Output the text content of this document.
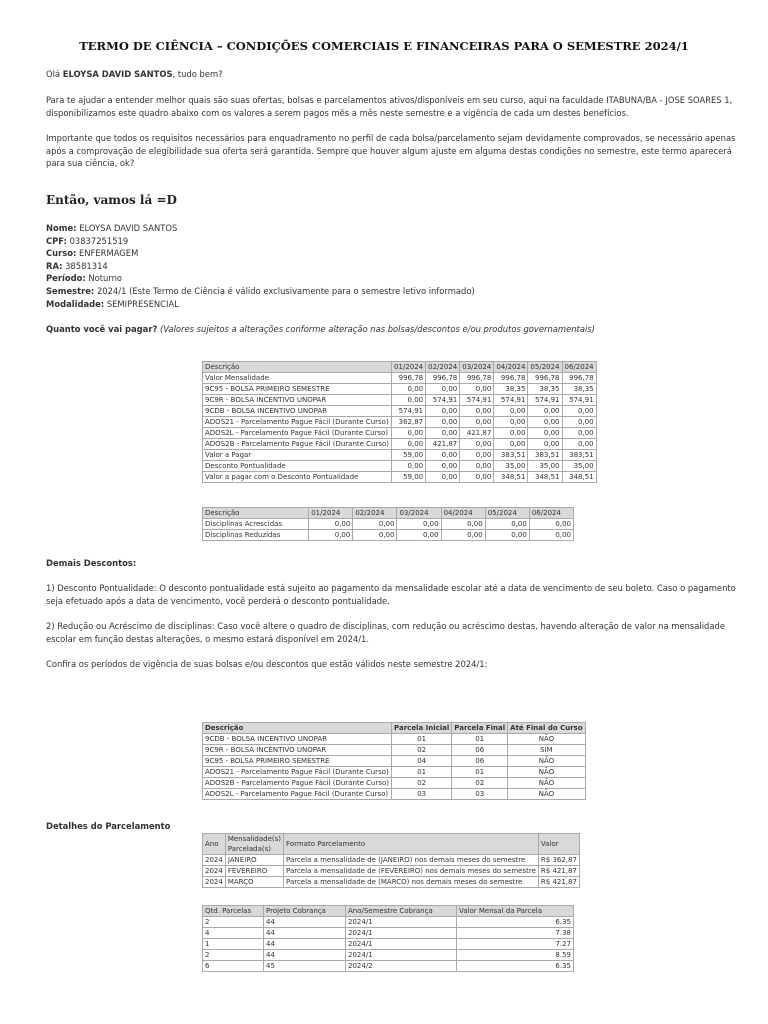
TERMO DE CIÊNCIA – CONDIÇÕES COMERCIAIS E FINANCEIRAS PARA O SEMESTRE 2024/1
Olá ELOYSA DAVID SANTOS, tudo bem?
Para te ajudar a entender melhor quais são suas ofertas, bolsas e parcelamentos ativos/disponíveis em seu curso, aqui na faculdade ITABUNA/BA - JOSE SOARES 1, disponibilizamos este quadro abaixo com os valores a serem pagos mês a mês neste semestre e a vigência de cada um destes benefícios.
Importante que todos os requisitos necessários para enquadramento no perfil de cada bolsa/parcelamento sejam devidamente comprovados, se necessário apenas após a comprovação de elegibilidade sua oferta será garantida. Sempre que houver algum ajuste em alguma destas condições no semestre, este termo aparecerá para sua ciência, ok?
Então, vamos lá =D
Nome: ELOYSA DAVID SANTOS
CPF: 03837251519
Curso: ENFERMAGEM
RA: 38581314
Período: Noturno
Semestre: 2024/1 (Este Termo de Ciência é válido exclusivamente para o semestre letivo informado)
Modalidade: SEMIPRESENCIAL
Quanto você vai pagar? (Valores sujeitos a alterações conforme alteração nas bolsas/descontos e/ou produtos governamentais)
Descrição	01/2024	02/2024	03/2024	04/2024	05/2024	06/2024
Valor Mensalidade	996,78	996,78	996,78	996,78	996,78	996,78
9C95 - BOLSA PRIMEIRO SEMESTRE	0,00	0,00	0,00	38,35	38,35	38,35
9C9R - BOLSA INCENTIVO UNOPAR	0,00	574,91	574,91	574,91	574,91	574,91
9CDB - BOLSA INCENTIVO UNOPAR	574,91	0,00	0,00	0,00	0,00	0,00
ADOS21 - Parcelamento Pague Fácil (Durante Curso)	362,87	0,00	0,00	0,00	0,00	0,00
ADOS2L - Parcelamento Pague Fácil (Durante Curso)	0,00	0,00	421,87	0,00	0,00	0,00
ADOS2B - Parcelamento Pague Fácil (Durante Curso)	0,00	421,87	0,00	0,00	0,00	0,00
Valor a Pagar	59,00	0,00	0,00	383,51	383,51	383,51
Desconto Pontualidade	0,00	0,00	0,00	35,00	35,00	35,00
Valor a pagar com o Desconto Pontualidade	59,00	0,00	0,00	348,51	348,51	348,51
Descrição	01/2024	02/2024	03/2024	04/2024	05/2024	06/2024
Disciplinas Acrescidas	0,00	0,00	0,00	0,00	0,00	0,00
Disciplinas Reduzidas	0,00	0,00	0,00	0,00	0,00	0,00
Demais Descontos:
1) Desconto Pontualidade: O desconto pontualidade está sujeito ao pagamento da mensalidade escolar até a data de vencimento de seu boleto. Caso o pagamento seja efetuado após a data de vencimento, você perderá o desconto pontualidade.
2) Redução ou Acréscimo de disciplinas: Caso você altere o quadro de disciplinas, com redução ou acréscimo destas, havendo alteração de valor na mensalidade escolar em função destas alterações, o mesmo estará disponível em 2024/1.
Confira os períodos de vigência de suas bolsas e/ou descontos que estão válidos neste semestre 2024/1:
Descrição	Parcela Inicial	Parcela Final	Até Final do Curso
9CDB - BOLSA INCENTIVO UNOPAR	01	01	NÃO
9C9R - BOLSA INCENTIVO UNOPAR	02	06	SIM
9C95 - BOLSA PRIMEIRO SEMESTRE	04	06	NÃO
ADOS21 - Parcelamento Pague Fácil (Durante Curso)	01	01	NÃO
ADOS2B - Parcelamento Pague Fácil (Durante Curso)	02	02	NÃO
ADOS2L - Parcelamento Pague Fácil (Durante Curso)	03	03	NÃO
Detalhes do Parcelamento
Ano	Mensalidade(s) Parcelada(s)	Formato Parcelamento	Valor
2024	JANEIRO	Parcela a mensalidade de (JANEIRO) nos demais meses do semestre	R$ 362,87
2024	FEVEREIRO	Parcela a mensalidade de (FEVEREIRO) nos demais meses do semestre	R$ 421,87
2024	MARÇO	Parcela a mensalidade de (MARCO) nos demais meses do semestre	R$ 421,87
Qtd. Parcelas	Projeto Cobrança	Ano/Semestre Cobrança	Valor Mensal da Parcela
2	44	2024/1	6.35
4	44	2024/1	7.38
1	44	2024/1	7.27
2	44	2024/1	8.59
6	45	2024/2	6.35
